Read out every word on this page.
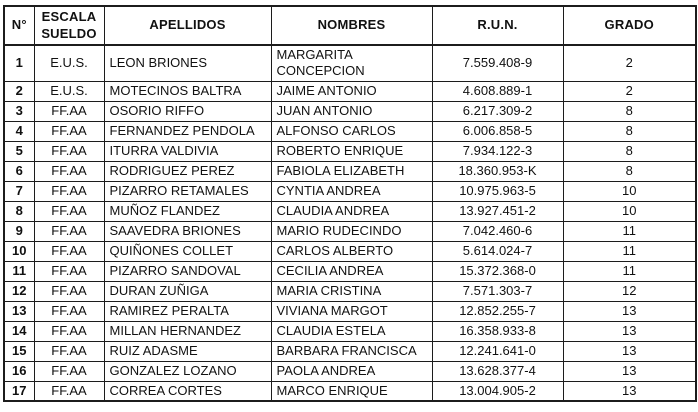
N°	ESCALA SUELDO	APELLIDOS	NOMBRES	R.U.N.	GRADO
1	E.U.S.	LEON BRIONES	MARGARITA CONCEPCION	7.559.408-9	2
2	E.U.S.	MOTECINOS BALTRA	JAIME ANTONIO	4.608.889-1	2
3	FF.AA	OSORIO RIFFO	JUAN ANTONIO	6.217.309-2	8
4	FF.AA	FERNANDEZ PENDOLA	ALFONSO CARLOS	6.006.858-5	8
5	FF.AA	ITURRA VALDIVIA	ROBERTO ENRIQUE	7.934.122-3	8
6	FF.AA	RODRIGUEZ PEREZ	FABIOLA ELIZABETH	18.360.953-K	8
7	FF.AA	PIZARRO RETAMALES	CYNTIA ANDREA	10.975.963-5	10
8	FF.AA	MUÑOZ FLANDEZ	CLAUDIA ANDREA	13.927.451-2	10
9	FF.AA	SAAVEDRA BRIONES	MARIO RUDECINDO	7.042.460-6	11
10	FF.AA	QUIÑONES COLLET	CARLOS ALBERTO	5.614.024-7	11
11	FF.AA	PIZARRO SANDOVAL	CECILIA ANDREA	15.372.368-0	11
12	FF.AA	DURAN ZUÑIGA	MARIA CRISTINA	7.571.303-7	12
13	FF.AA	RAMIREZ PERALTA	VIVIANA MARGOT	12.852.255-7	13
14	FF.AA	MILLAN HERNANDEZ	CLAUDIA ESTELA	16.358.933-8	13
15	FF.AA	RUIZ ADASME	BARBARA FRANCISCA	12.241.641-0	13
16	FF.AA	GONZALEZ LOZANO	PAOLA ANDREA	13.628.377-4	13
17	FF.AA	CORREA CORTES	MARCO ENRIQUE	13.004.905-2	13
